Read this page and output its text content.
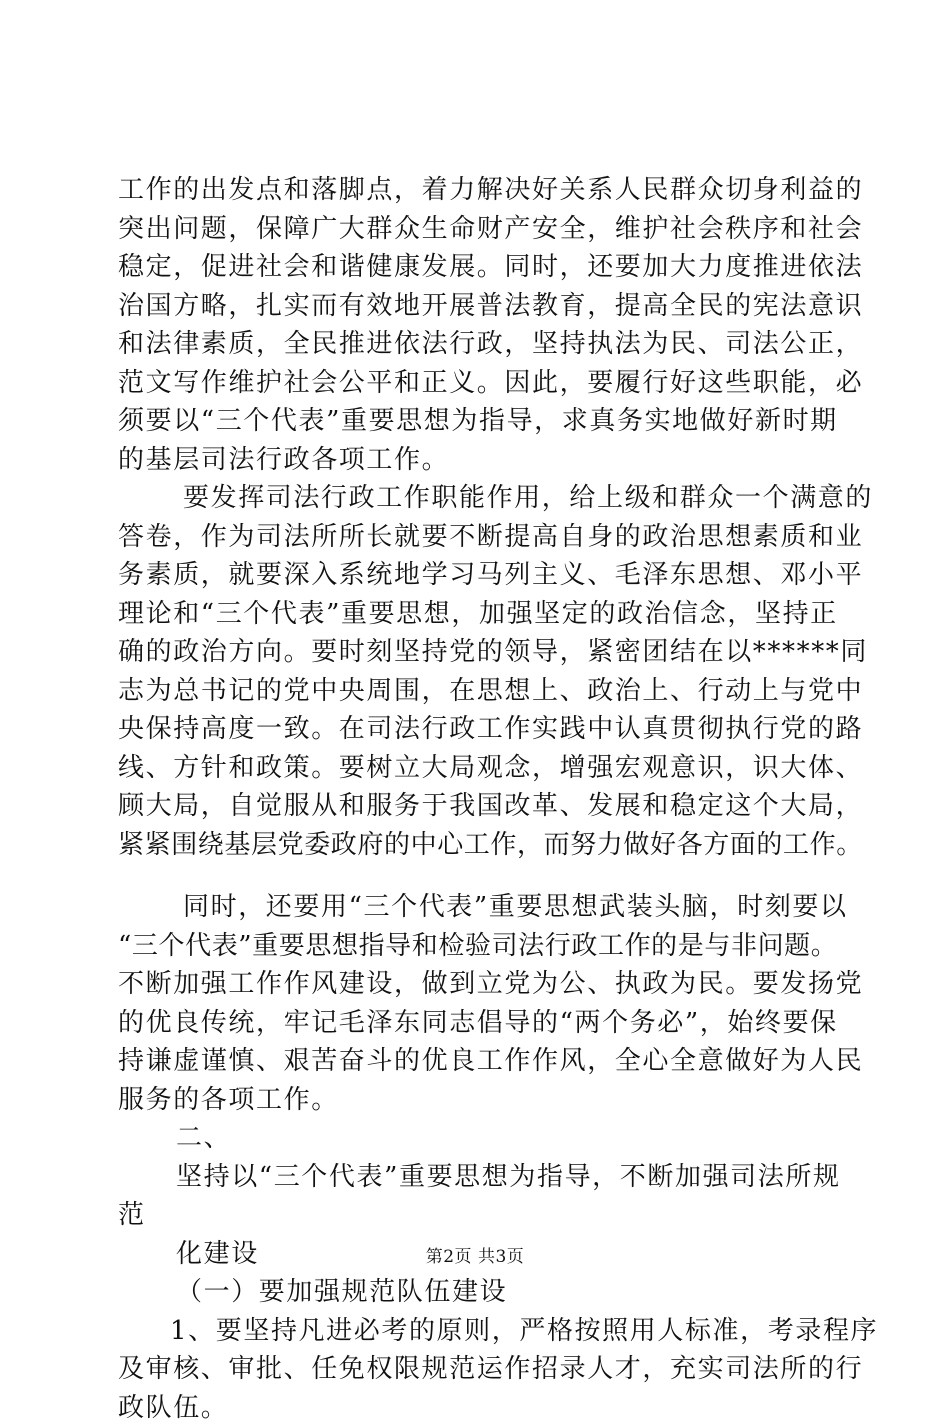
工作的出发点和落脚点，着力解决好关系人民群众切身利益的
突出问题，保障广大群众生命财产安全，维护社会秩序和社会
稳定，促进社会和谐健康发展。同时，还要加大力度推进依法
治国方略，扎实而有效地开展普法教育，提高全民的宪法意识
和法律素质，全民推进依法行政，坚持执法为民、司法公正，
范文写作维护社会公平和正义。因此，要履行好这些职能，必
须要以“三个代表”重要思想为指导，求真务实地做好新时期
的基层司法行政各项工作。
要发挥司法行政工作职能作用，给上级和群众一个满意的
答卷，作为司法所所长就要不断提高自身的政治思想素质和业
务素质，就要深入系统地学习马列主义、毛泽东思想、邓小平
理论和“三个代表”重要思想，加强坚定的政治信念，坚持正
确的政治方向。要时刻坚持党的领导，紧密团结在以******同
志为总书记的党中央周围，在思想上、政治上、行动上与党中
央保持高度一致。在司法行政工作实践中认真贯彻执行党的路
线、方针和政策。要树立大局观念，增强宏观意识，识大体、
顾大局，自觉服从和服务于我国改革、发展和稳定这个大局，
紧紧围绕基层党委政府的中心工作，而努力做好各方面的工作。
同时，还要用“三个代表”重要思想武装头脑，时刻要以
“三个代表”重要思想指导和检验司法行政工作的是与非问题。
不断加强工作作风建设，做到立党为公、执政为民。要发扬党
的优良传统，牢记毛泽东同志倡导的“两个务必”，始终要保
持谦虚谨慎、艰苦奋斗的优良工作作风，全心全意做好为人民
服务的各项工作。
二、
坚持以“三个代表”重要思想为指导，不断加强司法所规
范
化建设
（一）要加强规范队伍建设
1、要坚持凡进必考的原则，严格按照用人标准，考录程序
及审核、审批、任免权限规范运作招录人才，充实司法所的行
政队伍。
第2页 共3页
